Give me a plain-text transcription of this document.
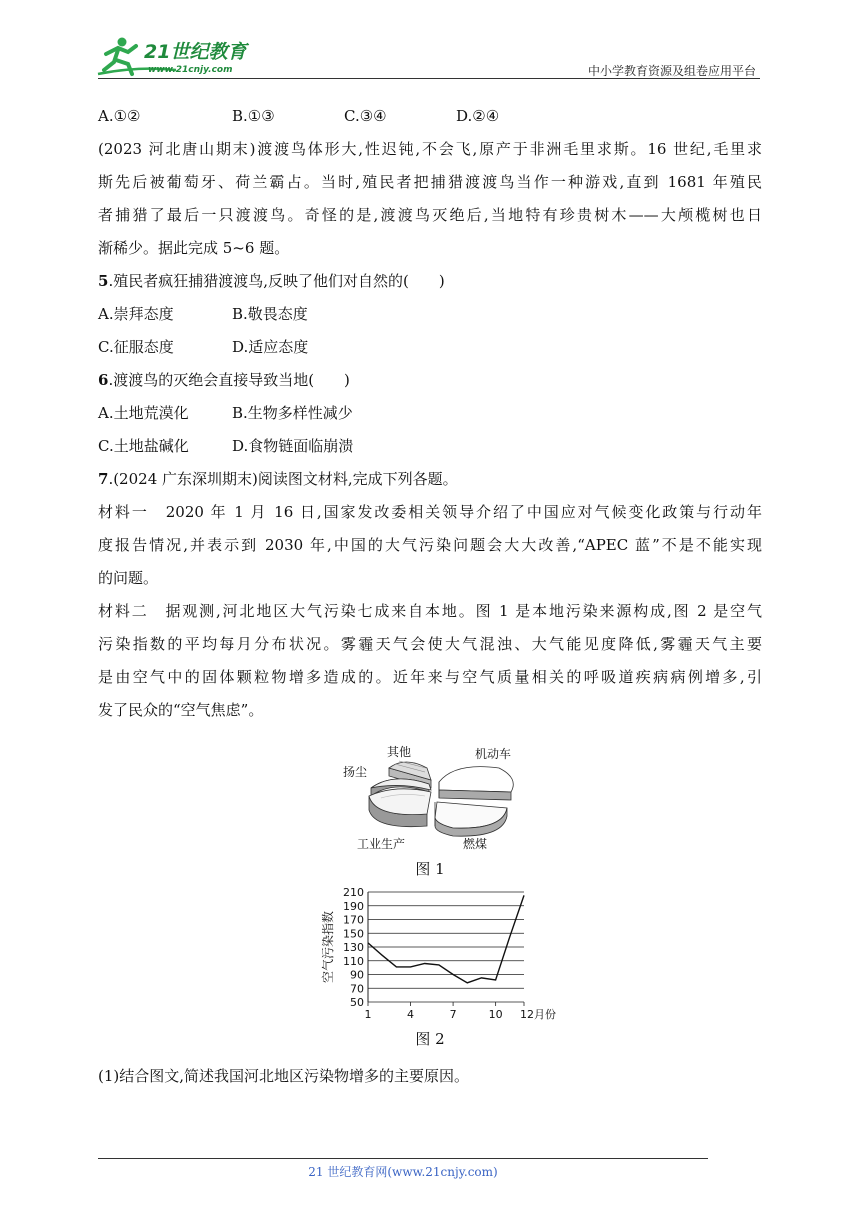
21世纪教育
www.21cnjy.com	中小学教育资源及组卷应用平台
A.①②	B.①③	C.③④	D.②④
(2023 河北唐山期末)渡渡鸟体形大,性迟钝,不会飞,原产于非洲毛里求斯。16 世纪,毛里求
斯先后被葡萄牙、荷兰霸占。当时,殖民者把捕猎渡渡鸟当作一种游戏,直到 1681 年殖民
者捕猎了最后一只渡渡鸟。奇怪的是,渡渡鸟灭绝后,当地特有珍贵树木——大颅榄树也日
渐稀少。据此完成 5~6 题。
5.殖民者疯狂捕猎渡渡鸟,反映了他们对自然的(　　)
A.崇拜态度	B.敬畏态度
C.征服态度	D.适应态度
6.渡渡鸟的灭绝会直接导致当地(　　)
A.土地荒漠化	B.生物多样性减少
C.土地盐碱化	D.食物链面临崩溃
7.(2024 广东深圳期末)阅读图文材料,完成下列各题。
材料一　2020 年 1 月 16 日,国家发改委相关领导介绍了中国应对气候变化政策与行动年
度报告情况,并表示到 2030 年,中国的大气污染问题会大大改善,“APEC 蓝”不是不能实现
的问题。
材料二　据观测,河北地区大气污染七成来自本地。图 1 是本地污染来源构成,图 2 是空气
污染指数的平均每月分布状况。雾霾天气会使大气混浊、大气能见度降低,雾霾天气主要
是由空气中的固体颗粒物增多造成的。近年来与空气质量相关的呼吸道疾病病例增多,引
发了民众的“空气焦虑”。
其他	机动车
扬尘
工业生产	燃煤
图 1
50
70
90
110
130
150
170
190
210
1	4	7	10 12月份
空气污染指数
图 2
(1)结合图文,简述我国河北地区污染物增多的主要原因。
21 世纪教育网(www.21cnjy.com)
